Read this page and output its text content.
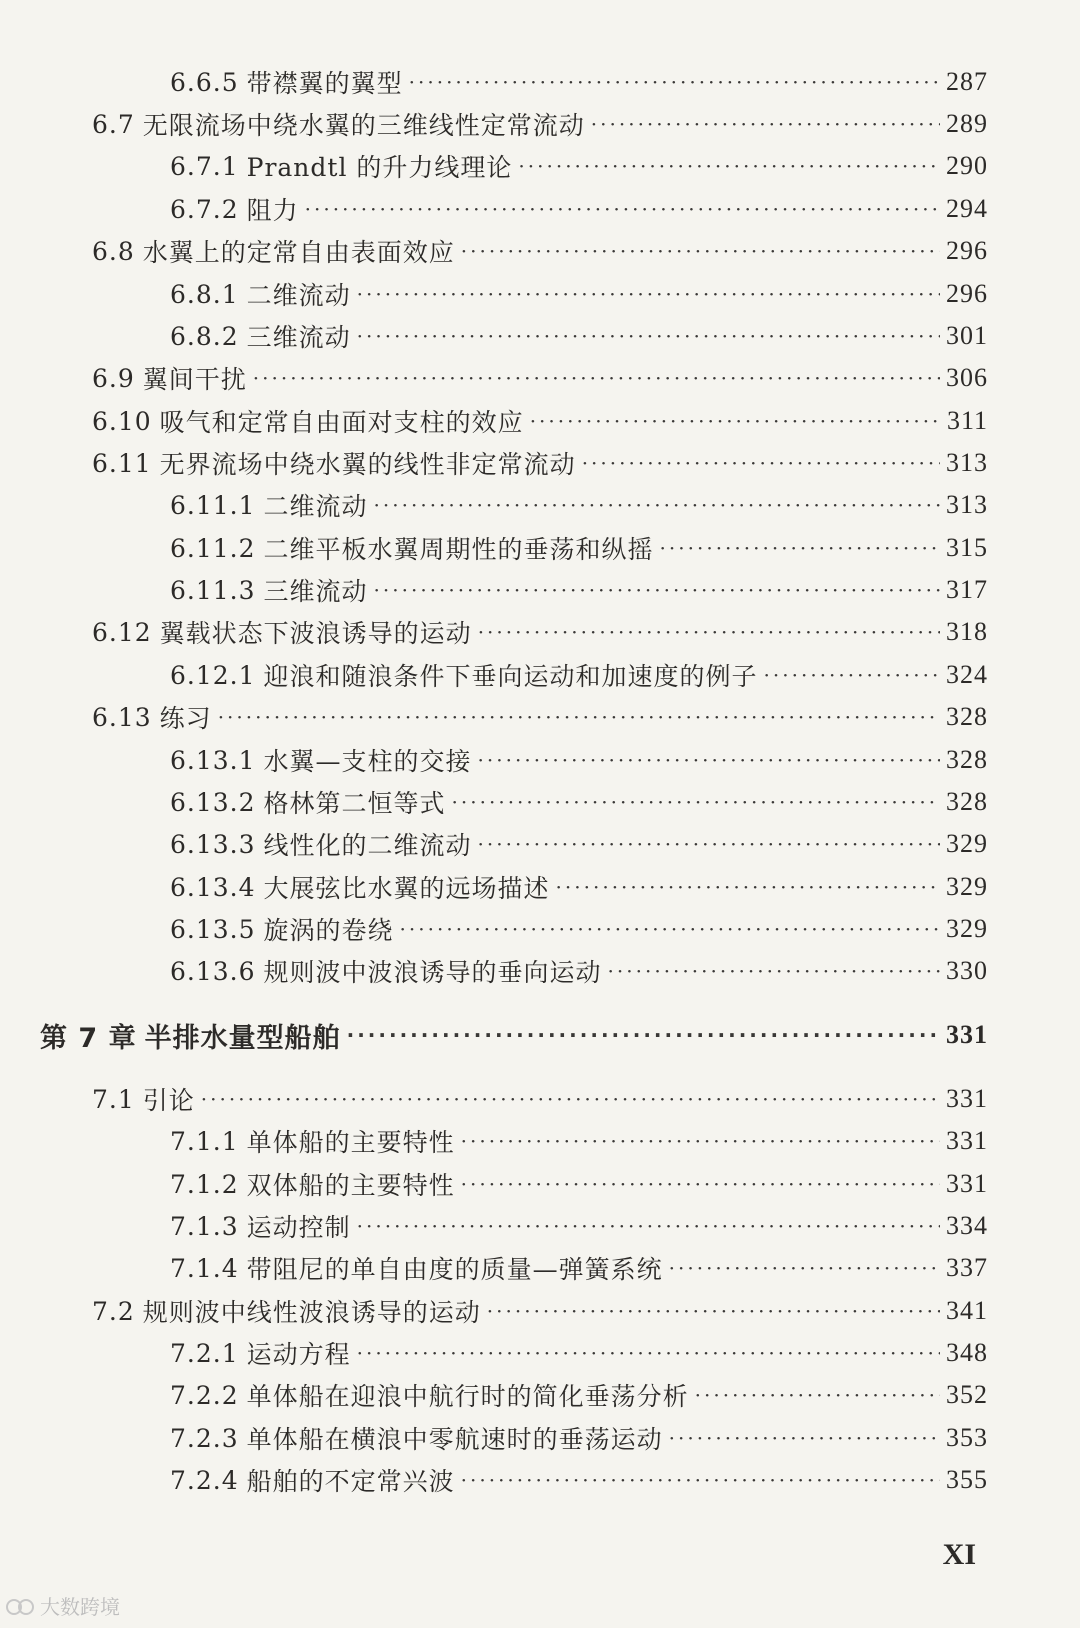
6.6.5 带襟翼的翼型 ·····	287
6.7 无限流场中绕水翼的三维线性定常流动 ·····	289
6.7.1 Prandtl 的升力线理论 ·····	290
6.7.2 阻力 ·····	294
6.8 水翼上的定常自由表面效应 ·····	296
6.8.1 二维流动 ·····	296
6.8.2 三维流动 ·····	301
6.9 翼间干扰 ·····	306
6.10 吸气和定常自由面对支柱的效应 ·····	311
6.11 无界流场中绕水翼的线性非定常流动 ·····	313
6.11.1 二维流动 ·····	313
6.11.2 二维平板水翼周期性的垂荡和纵摇 ·····	315
6.11.3 三维流动 ·····	317
6.12 翼载状态下波浪诱导的运动 ·····	318
6.12.1 迎浪和随浪条件下垂向运动和加速度的例子 ·····	324
6.13 练习 ·····	328
6.13.1 水翼—支柱的交接 ·····	328
6.13.2 格林第二恒等式 ·····	328
6.13.3 线性化的二维流动 ·····	329
6.13.4 大展弦比水翼的远场描述 ·····	329
6.13.5 旋涡的卷绕 ·····	329
6.13.6 规则波中波浪诱导的垂向运动 ·····	330
第 7 章 半排水量型船舶 ·····	331
7.1 引论 ·····	331
7.1.1 单体船的主要特性 ·····	331
7.1.2 双体船的主要特性 ·····	331
7.1.3 运动控制 ·····	334
7.1.4 带阻尼的单自由度的质量—弹簧系统 ·····	337
7.2 规则波中线性波浪诱导的运动 ·····	341
7.2.1 运动方程 ·····	348
7.2.2 单体船在迎浪中航行时的简化垂荡分析 ·····	352
7.2.3 单体船在横浪中零航速时的垂荡运动 ·····	353
7.2.4 船舶的不定常兴波 ·····	355
XI
大数跨境
